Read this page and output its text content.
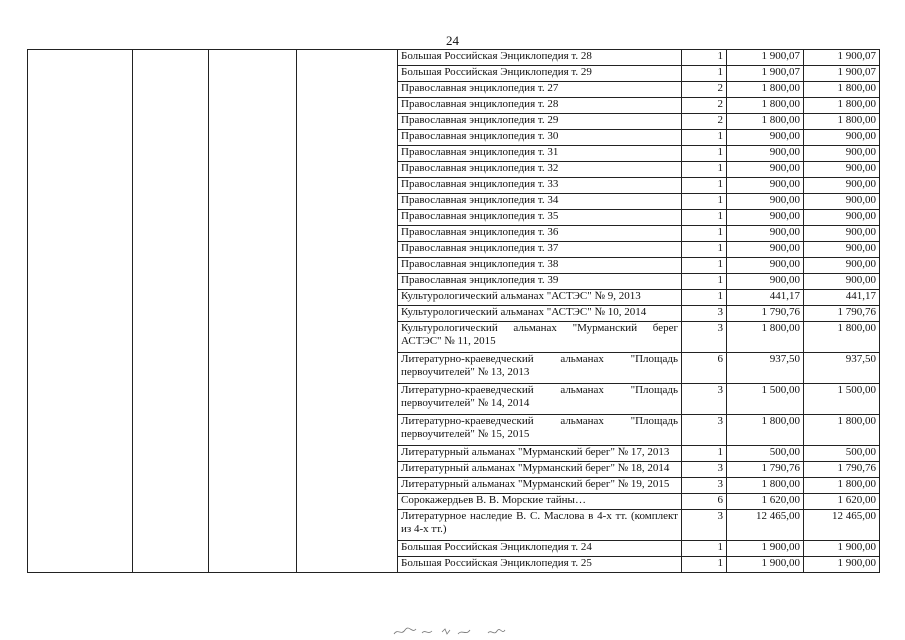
24
				Большая Российская Энциклопедия т. 28	1	1 900,07	1 900,07
				Большая Российская Энциклопедия т. 29	1	1 900,07	1 900,07
				Православная энциклопедия т. 27	2	1 800,00	1 800,00
				Православная энциклопедия т. 28	2	1 800,00	1 800,00
				Православная энциклопедия т. 29	2	1 800,00	1 800,00
				Православная энциклопедия т. 30	1	900,00	900,00
				Православная энциклопедия т. 31	1	900,00	900,00
				Православная энциклопедия т. 32	1	900,00	900,00
				Православная энциклопедия т. 33	1	900,00	900,00
				Православная энциклопедия т. 34	1	900,00	900,00
				Православная энциклопедия т. 35	1	900,00	900,00
				Православная энциклопедия т. 36	1	900,00	900,00
				Православная энциклопедия т. 37	1	900,00	900,00
				Православная энциклопедия т. 38	1	900,00	900,00
				Православная энциклопедия т. 39	1	900,00	900,00
				Культурологический альманах "АСТЭС" № 9, 2013	1	441,17	441,17
				Культурологический альманах "АСТЭС" № 10, 2014	3	1 790,76	1 790,76
				Культурологический альманах "Мурманский берег АСТЭС" № 11, 2015	3	1 800,00	1 800,00
				Литературно-краеведческий альманах "Площадь первоучителей" № 13, 2013	6	937,50	937,50
				Литературно-краеведческий альманах "Площадь первоучителей" № 14, 2014	3	1 500,00	1 500,00
				Литературно-краеведческий альманах "Площадь первоучителей" № 15, 2015	3	1 800,00	1 800,00
				Литературный альманах "Мурманский берег" № 17, 2013	1	500,00	500,00
				Литературный альманах "Мурманский берег" № 18, 2014	3	1 790,76	1 790,76
				Литературный альманах "Мурманский берег" № 19, 2015	3	1 800,00	1 800,00
				Сорокажердьев В. В. Морские тайны…	6	1 620,00	1 620,00
				Литературное наследие В. С. Маслова в 4-х тт. (комплект из 4-х тт.)	3	12 465,00	12 465,00
				Большая Российская Энциклопедия т. 24	1	1 900,00	1 900,00
				Большая Российская Энциклопедия т. 25	1	1 900,00	1 900,00
